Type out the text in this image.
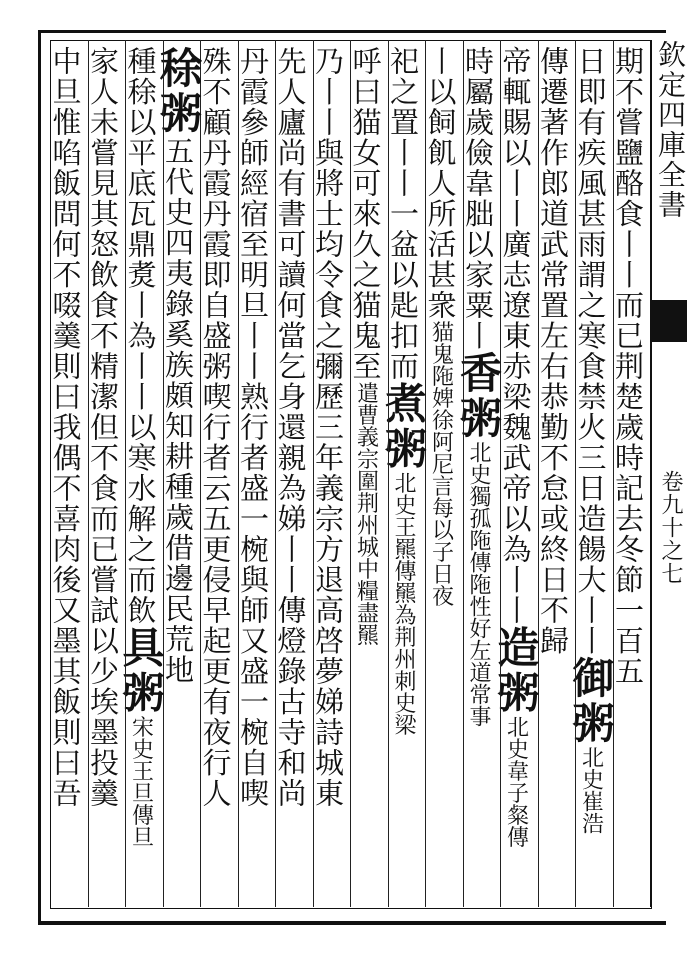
欽定四庫全書
卷九十之七
期不嘗鹽酪食丨丨而已荆楚歲時記去冬節一百五
日即有疾風甚雨謂之寒食禁火三日造餳大丨丨御粥北史崔浩
傳遷著作郎道武常置左右恭勤不怠或終日不歸
帝輒賜以丨丨廣志遼東赤梁魏武帝以為丨丨造粥北史韋子粲傳
時屬歲儉韋胐以家粟丨香粥北史獨孤陁傳陁性好左道常事
丨以飼飢人所活甚衆猫鬼陁婢徐阿尼言每以子日夜
祀之置丨丨一盆以匙扣而煮粥北史王羆傳羆為荆州刺史梁
呼曰猫女可來久之猫鬼至遣曹義宗圍荆州城中糧盡羆
乃丨丨與將士均令食之彌歷三年義宗方退高啓夢娣詩城東
先人廬尚有書可讀何當乞身還親為娣丨丨傳燈錄古寺和尚
丹霞參師經宿至明旦丨丨熟行者盛一椀與師又盛一椀自喫
殊不顧丹霞丹霞即自盛粥喫行者云五更侵早起更有夜行人
稌粥五代史四夷錄奚族頗知耕種歲借邊民荒地
種稌以平底瓦鼎煑丨為丨丨以寒水解之而飲具粥宋史王旦傳旦
家人未嘗見其怒飲食不精潔但不食而已嘗試以少埃墨投羹
中旦惟啗飯問何不啜羹則曰我偶不喜肉後又墨其飯則曰吾
